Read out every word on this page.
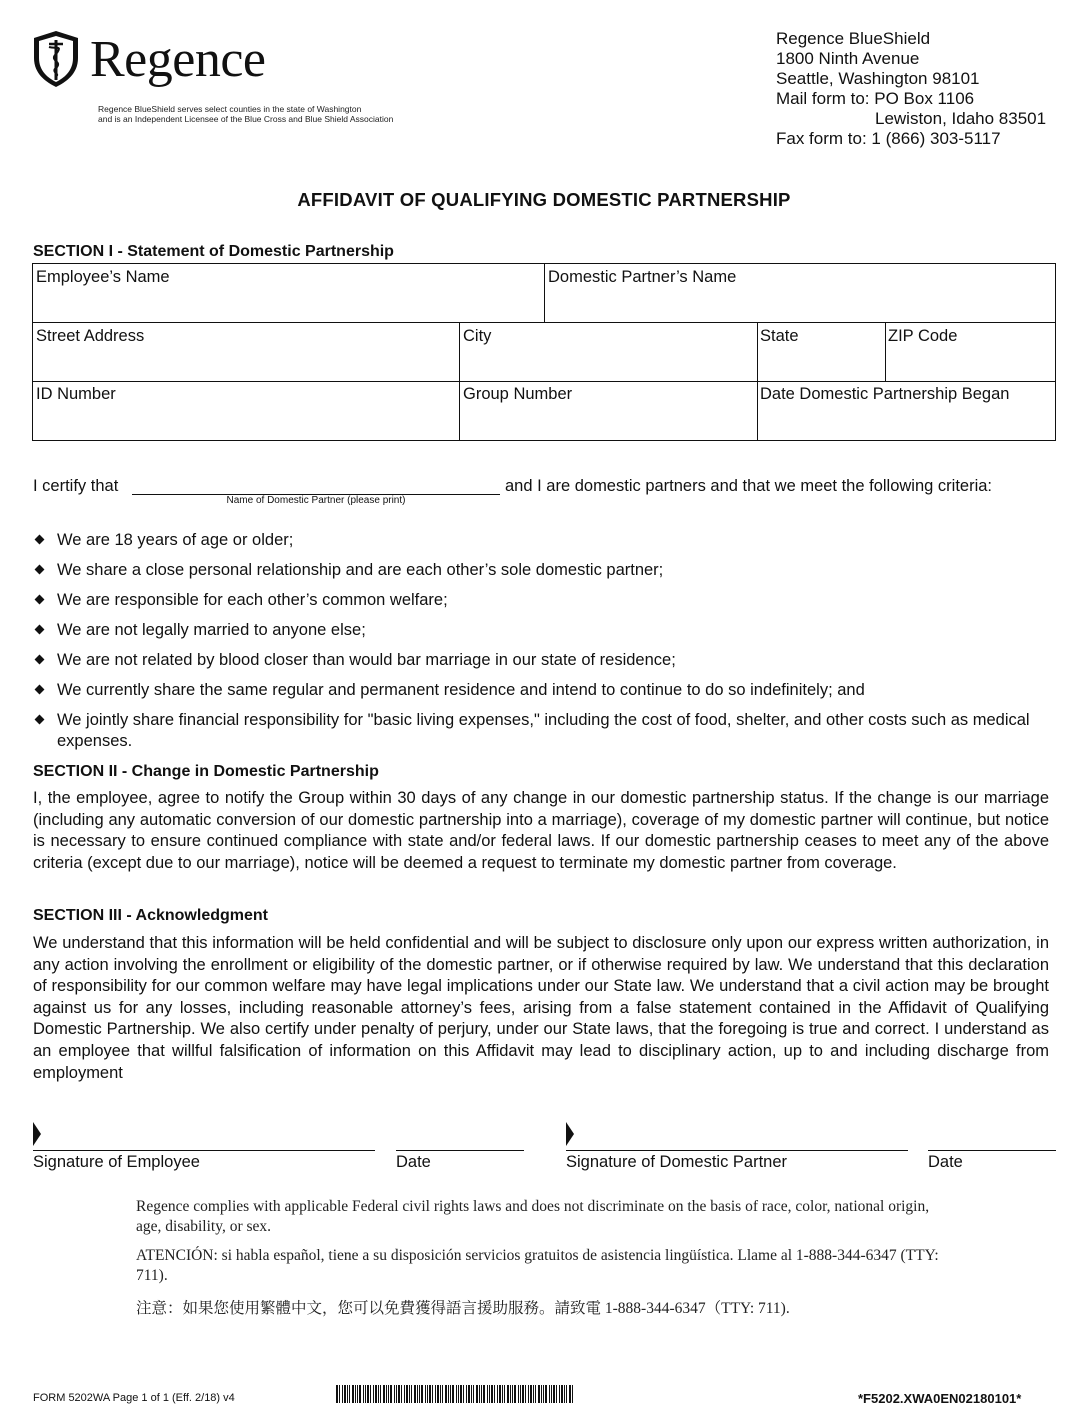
Regence
Regence BlueShield serves select counties in the state of Washington
and is an Independent Licensee of the Blue Cross and Blue Shield Association
Regence BlueShield
1800 Ninth Avenue
Seattle, Washington 98101
Mail form to: PO Box 1106
Lewiston, Idaho 83501
Fax form to: 1 (866) 303-5117
AFFIDAVIT OF QUALIFYING DOMESTIC PARTNERSHIP
SECTION I - Statement of Domestic Partnership
Employee’s Name	Domestic Partner’s Name
Street Address	City	State	ZIP Code
ID Number	Group Number	Date Domestic Partnership Began
I certify that
Name of Domestic Partner (please print)
and I are domestic partners and that we meet the following criteria:
We are 18 years of age or older;
We share a close personal relationship and are each other’s sole domestic partner;
We are responsible for each other’s common welfare;
We are not legally married to anyone else;
We are not related by blood closer than would bar marriage in our state of residence;
We currently share the same regular and permanent residence and intend to continue to do so indefinitely; and
We jointly share financial responsibility for "basic living expenses," including the cost of food, shelter, and other costs such as medical expenses.
SECTION II - Change in Domestic Partnership
I, the employee, agree to notify the Group within 30 days of any change in our domestic partnership status. If the change is our marriage (including any automatic conversion of our domestic partnership into a marriage), coverage of my domestic partner will continue, but notice is necessary to ensure continued compliance with state and/or federal laws. If our domestic partnership ceases to meet any of the above criteria (except due to our marriage), notice will be deemed a request to terminate my domestic partner from coverage.
SECTION III - Acknowledgment
We understand that this information will be held confidential and will be subject to disclosure only upon our express written authorization, in any action involving the enrollment or eligibility of the domestic partner, or if otherwise required by law. We understand that this declaration of responsibility for our common welfare may have legal implications under our State law. We understand that a civil action may be brought against us for any losses, including reasonable attorney’s fees, arising from a false statement contained in the Affidavit of Qualifying Domestic Partnership. We also certify under penalty of perjury, under our State laws, that the foregoing is true and correct. I understand as an employee that willful falsification of information on this Affidavit may lead to disciplinary action, up to and including discharge from employment
Signature of Employee	Date	Signature of Domestic Partner	Date
Regence complies with applicable Federal civil rights laws and does not discriminate on the basis of race, color, national origin, age, disability, or sex.
ATENCIÓN: si habla español, tiene a su disposición servicios gratuitos de asistencia lingüística. Llame al 1-888-344-6347 (TTY: 711).
注意：如果您使用繁體中文，您可以免費獲得語言援助服務。請致電 1-888-344-6347（TTY: 711).
FORM 5202WA Page 1 of 1 (Eff. 2/18) v4	*F5202.XWA0EN02180101*
